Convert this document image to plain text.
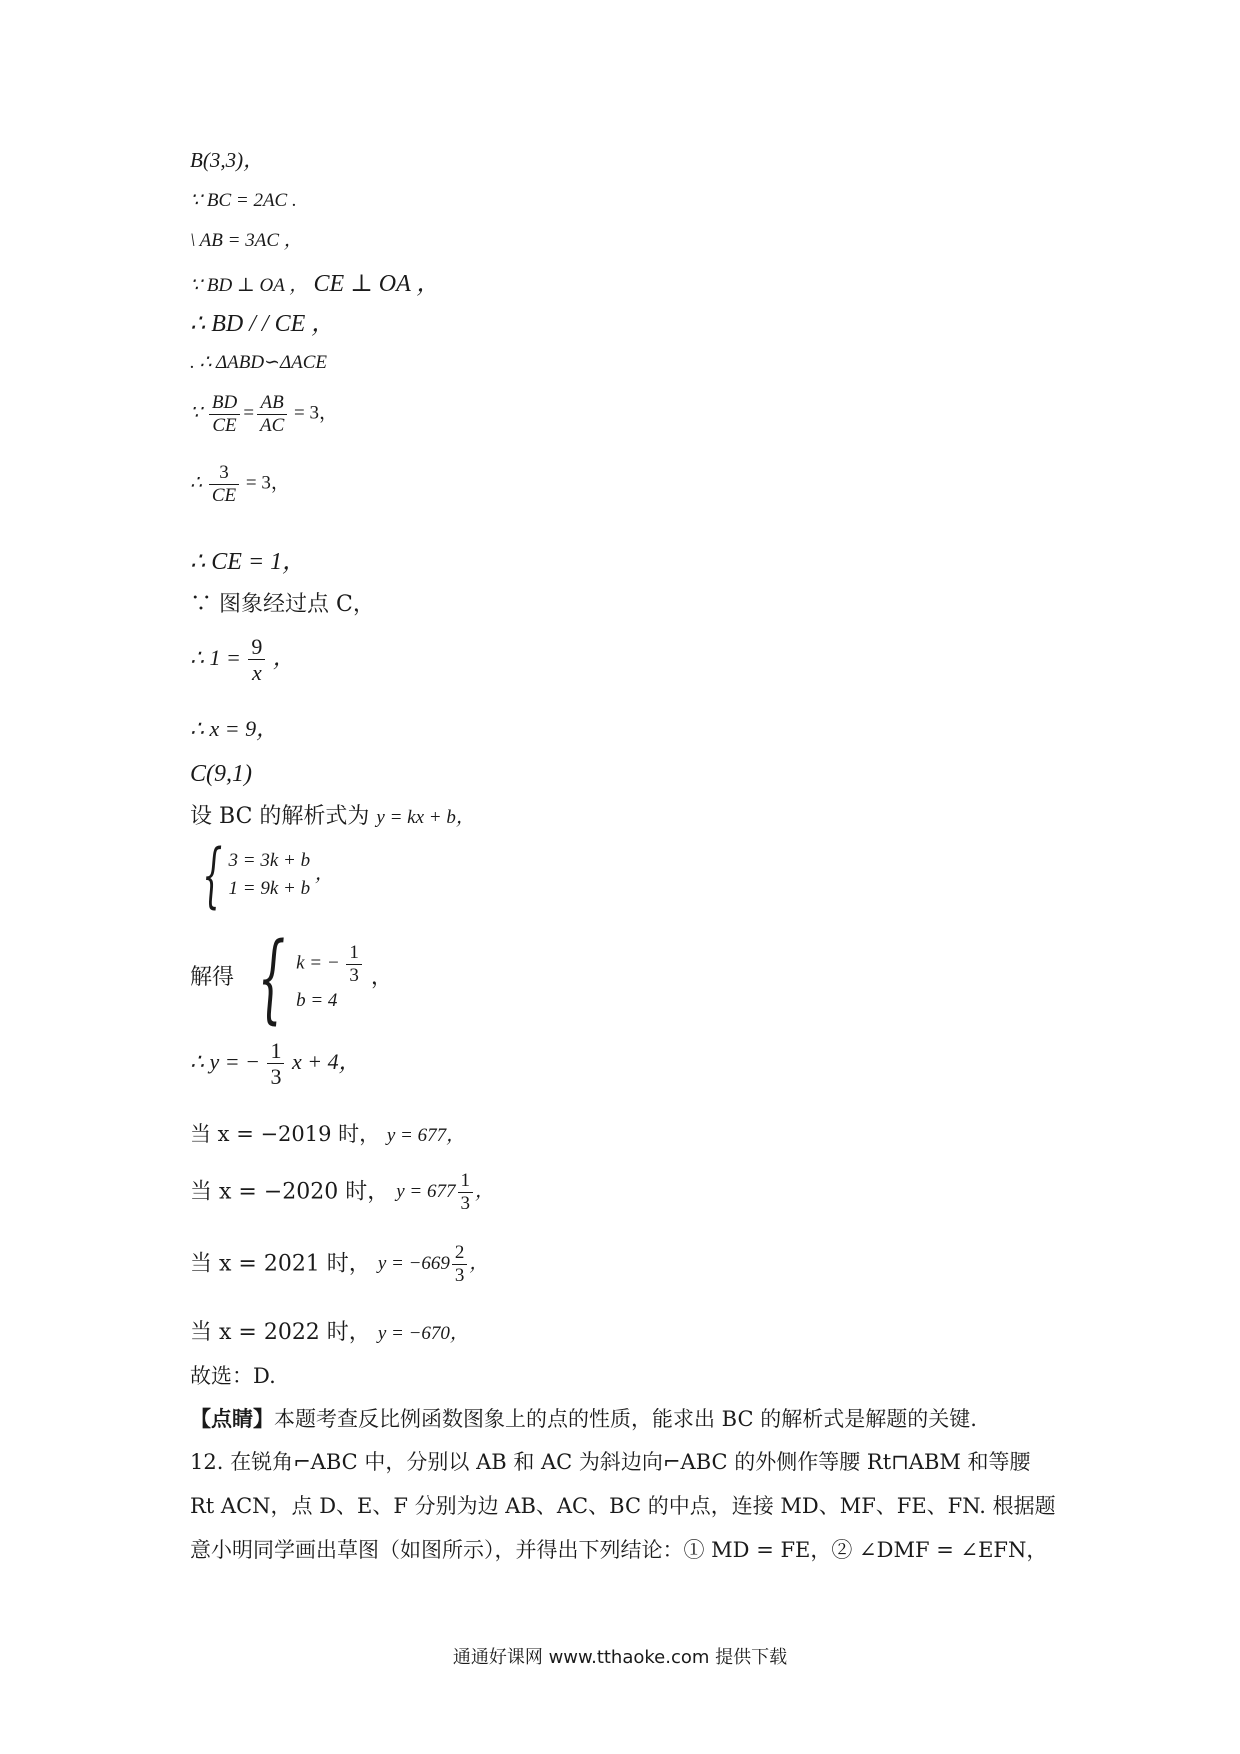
B(3,3)，
∵ BC = 2AC .
\ AB = 3AC ，
∵ BD ⊥ OA ， CE ⊥ OA ，
∴ BD / / CE ，
. ∴ ΔABD∽ΔACE
∵ $\frac{BD}{CE} = \frac{AB}{AC} = 3$，
∴ $\frac{3}{CE} = 3$，
∴ CE = 1，
∵ 图象经过点 C，
∴ $1 = \frac{9}{x}$ ，
∴ x = 9，
C(9,1)
设 BC 的解析式为 y = kx + b，
{ 3 = 3k + b
1 = 9k + b
，
解得 { k = − $\frac{1}{3}$
b = 4
，
∴ y = − $\frac{1}{3}$ x + 4，
当 x = −2019 时， y = 677，
当 x = −2020 时， $y = 677 \frac{1}{3}$ ，
当 x = 2021 时， $y = -669 \frac{2}{3}$ ，
当 x = 2022 时， y = −670，
故选：D.
【点睛】本题考查反比例函数图象上的点的性质，能求出 BC 的解析式是解题的关键.
12. 在锐角⌐ABC 中，分别以 AB 和 AC 为斜边向⌐ABC 的外侧作等腰 Rt⊓ABM 和等腰
Rt ACN，点 D、E、F 分别为边 AB、AC、BC 的中点，连接 MD、MF、FE、FN. 根据题
意小明同学画出草图（如图所示），并得出下列结论：① MD = FE，② ∠DMF = ∠EFN，
通通好课网 www.tthaoke.com 提供下载
